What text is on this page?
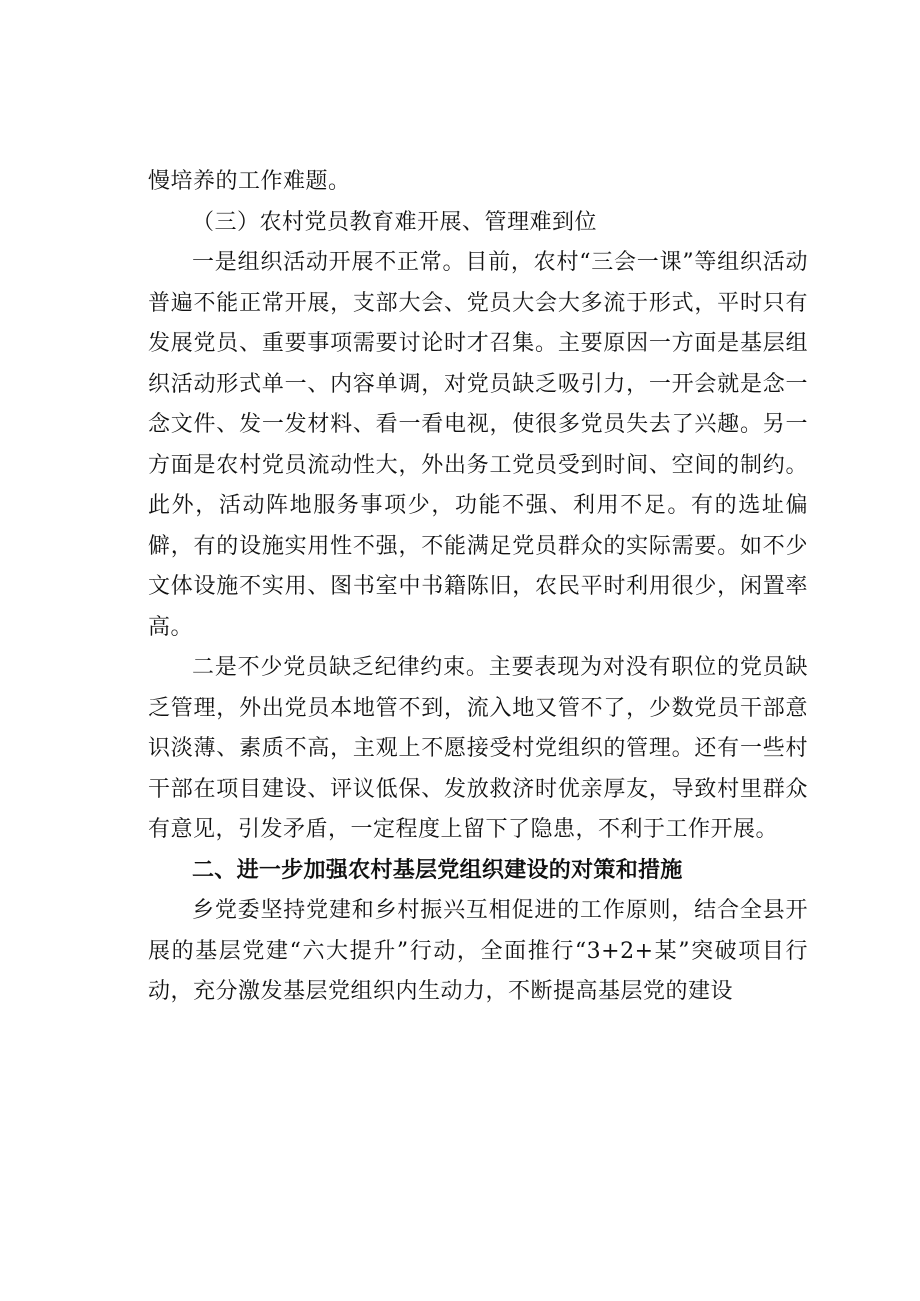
慢培养的工作难题。

（三）农村党员教育难开展、管理难到位

一是组织活动开展不正常。目前，农村“三会一课”等组织活动普遍不能正常开展，支部大会、党员大会大多流于形式，平时只有发展党员、重要事项需要讨论时才召集。主要原因一方面是基层组织活动形式单一、内容单调，对党员缺乏吸引力，一开会就是念一念文件、发一发材料、看一看电视，使很多党员失去了兴趣。另一方面是农村党员流动性大，外出务工党员受到时间、空间的制约。此外，活动阵地服务事项少，功能不强、利用不足。有的选址偏僻，有的设施实用性不强，不能满足党员群众的实际需要。如不少文体设施不实用、图书室中书籍陈旧，农民平时利用很少，闲置率高。

二是不少党员缺乏纪律约束。主要表现为对没有职位的党员缺乏管理，外出党员本地管不到，流入地又管不了，少数党员干部意识淡薄、素质不高，主观上不愿接受村党组织的管理。还有一些村干部在项目建设、评议低保、发放救济时优亲厚友，导致村里群众有意见，引发矛盾，一定程度上留下了隐患，不利于工作开展。

二、进一步加强农村基层党组织建设的对策和措施

乡党委坚持党建和乡村振兴互相促进的工作原则，结合全县开展的基层党建“六大提升”行动，全面推行“3+2+某”突破项目行动，充分激发基层党组织内生动力，不断提高基层党的建设
